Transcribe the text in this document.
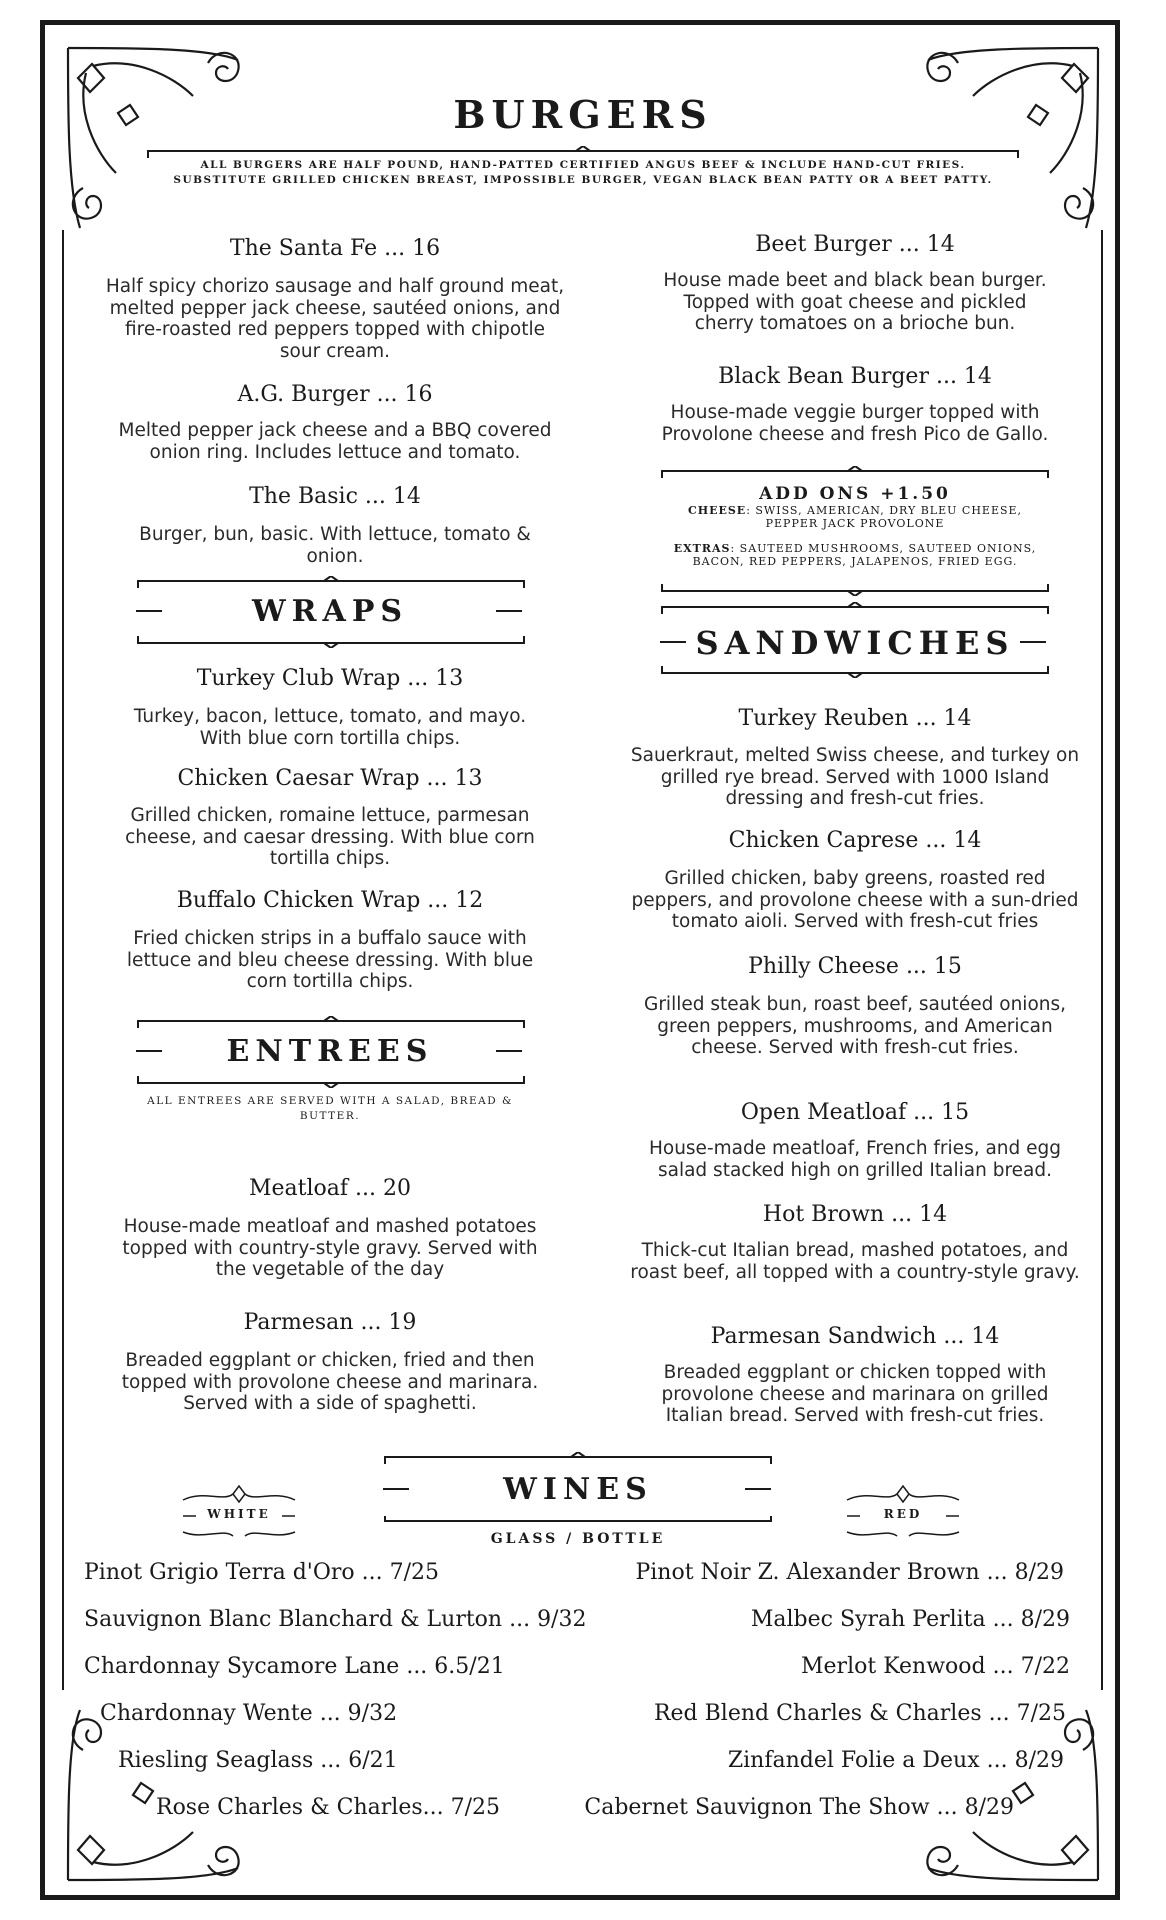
BURGERS
ALL BURGERS ARE HALF POUND, HAND-PATTED CERTIFIED ANGUS BEEF & INCLUDE HAND-CUT FRIES.
SUBSTITUTE GRILLED CHICKEN BREAST, IMPOSSIBLE BURGER, VEGAN BLACK BEAN PATTY OR A BEET PATTY.
The Santa Fe ... 16
Half spicy chorizo sausage and half ground meat, melted pepper jack cheese, sautéed onions, and fire-roasted red peppers topped with chipotle sour cream.
A.G. Burger ... 16
Melted pepper jack cheese and a BBQ covered onion ring. Includes lettuce and tomato.
The Basic ... 14
Burger, bun, basic. With lettuce, tomato & onion.
Beet Burger ... 14
House made beet and black bean burger. Topped with goat cheese and pickled cherry tomatoes on a brioche bun.
Black Bean Burger ... 14
House-made veggie burger topped with Provolone cheese and fresh Pico de Gallo.
ADD ONS +1.50
CHEESE: SWISS, AMERICAN, DRY BLEU CHEESE, PEPPER JACK PROVOLONE
EXTRAS: SAUTEED MUSHROOMS, SAUTEED ONIONS, BACON, RED PEPPERS, JALAPENOS, FRIED EGG.
SANDWICHES
Turkey Reuben ... 14
Sauerkraut, melted Swiss cheese, and turkey on grilled rye bread. Served with 1000 Island dressing and fresh-cut fries.
Chicken Caprese ... 14
Grilled chicken, baby greens, roasted red peppers, and provolone cheese with a sun-dried tomato aioli. Served with fresh-cut fries
Philly Cheese ... 15
Grilled steak bun, roast beef, sautéed onions, green peppers, mushrooms, and American cheese. Served with fresh-cut fries.
Open Meatloaf ... 15
House-made meatloaf, French fries, and egg salad stacked high on grilled Italian bread.
Hot Brown ... 14
Thick-cut Italian bread, mashed potatoes, and roast beef, all topped with a country-style gravy.
Parmesan Sandwich ... 14
Breaded eggplant or chicken topped with provolone cheese and marinara on grilled Italian bread. Served with fresh-cut fries.
WRAPS
Turkey Club Wrap ... 13
Turkey, bacon, lettuce, tomato, and mayo. With blue corn tortilla chips.
Chicken Caesar Wrap ... 13
Grilled chicken, romaine lettuce, parmesan cheese, and caesar dressing. With blue corn tortilla chips.
Buffalo Chicken Wrap ... 12
Fried chicken strips in a buffalo sauce with lettuce and bleu cheese dressing. With blue corn tortilla chips.
ENTREES
ALL ENTREES ARE SERVED WITH A SALAD, BREAD & BUTTER.
Meatloaf ... 20
House-made meatloaf and mashed potatoes topped with country-style gravy. Served with the vegetable of the day
Parmesan ... 19
Breaded eggplant or chicken, fried and then topped with provolone cheese and marinara. Served with a side of spaghetti.
WINES
GLASS / BOTTLE
WHITE	RED
Pinot Grigio Terra d'Oro ... 7/25
Sauvignon Blanc Blanchard & Lurton ... 9/32
Chardonnay Sycamore Lane ... 6.5/21
Chardonnay Wente ... 9/32
Riesling Seaglass ... 6/21
Rose Charles & Charles... 7/25
Pinot Noir Z. Alexander Brown ... 8/29
Malbec Syrah Perlita ... 8/29
Merlot Kenwood ... 7/22
Red Blend Charles & Charles ... 7/25
Zinfandel Folie a Deux ... 8/29
Cabernet Sauvignon The Show ... 8/29
